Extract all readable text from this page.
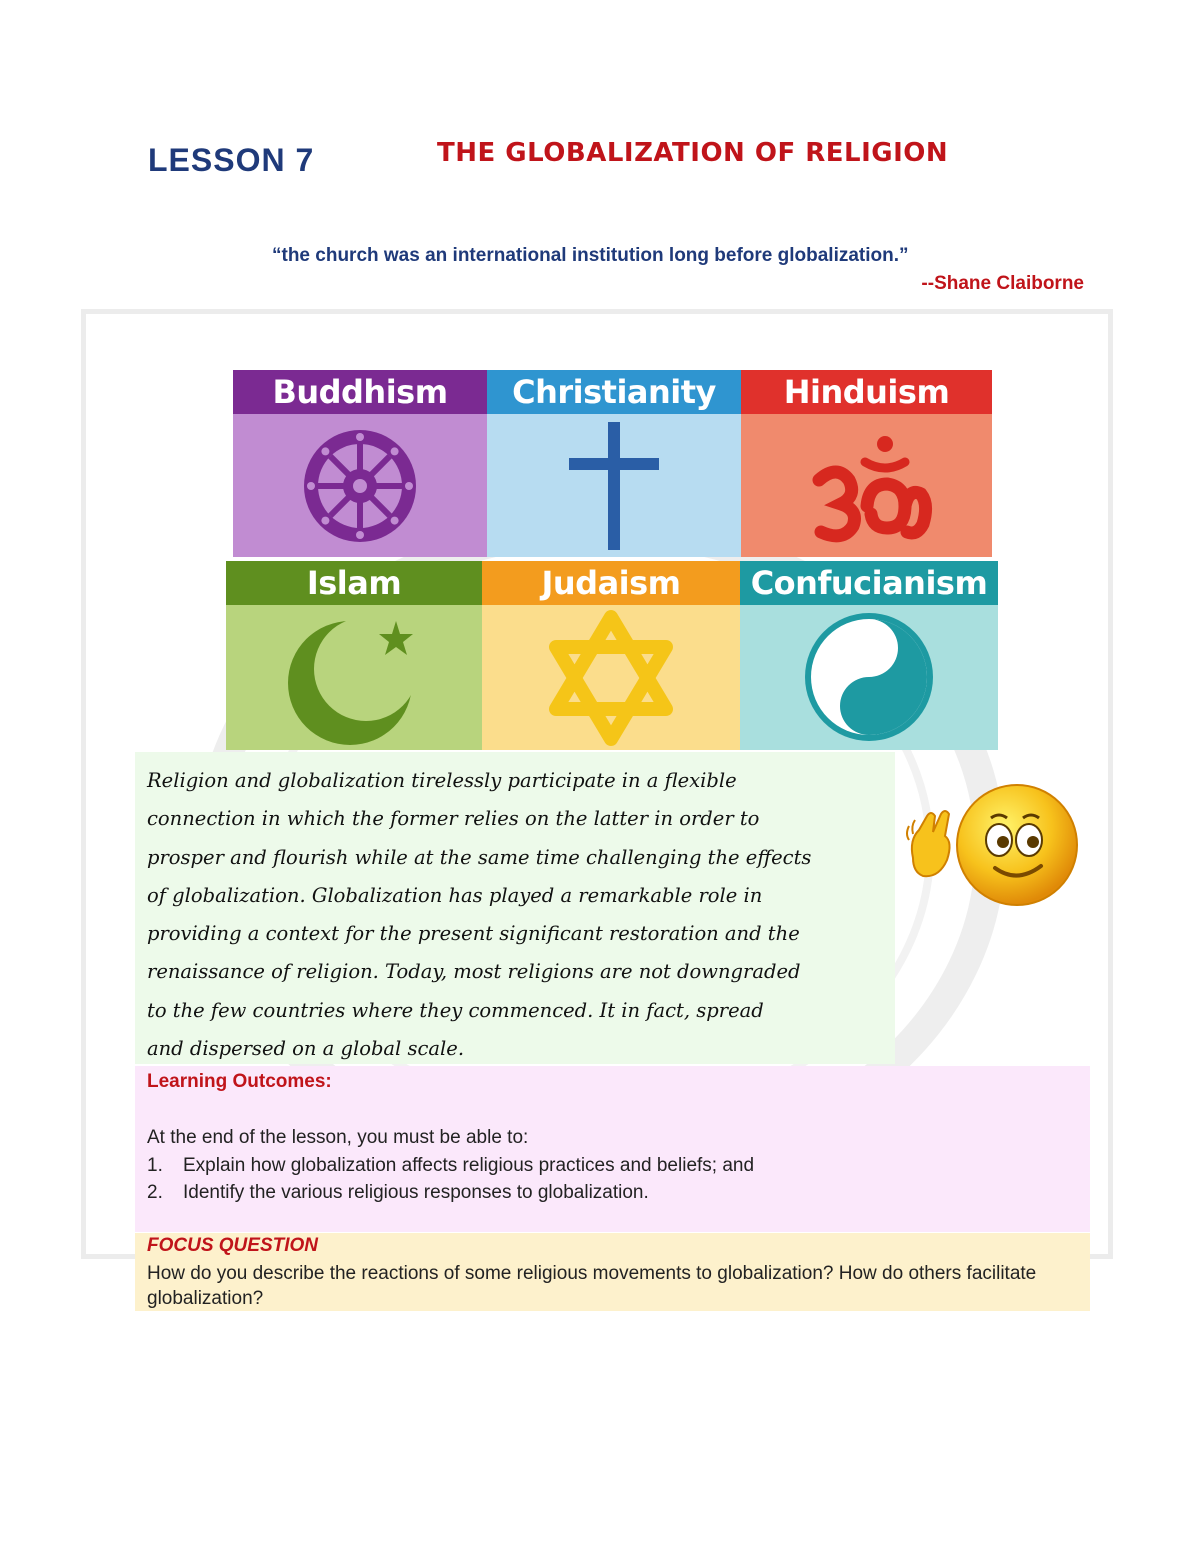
LESSON 7	THE GLOBALIZATION OF RELIGION
“the church was an international institution long before globalization.”
--Shane Claiborne
Buddhism	Christianity	Hinduism
Islam	Judaism	Confucianism
Religion and globalization tirelessly participate in a flexible
connection in which the former relies on the latter in order to
prosper and flourish while at the same time challenging the effects
of globalization. Globalization has played a remarkable role in
providing a context for the present significant restoration and the
renaissance of religion. Today, most religions are not downgraded
to the few countries where they commenced. It in fact, spread
and dispersed on a global scale.
Learning Outcomes:
At the end of the lesson, you must be able to:
1. Explain how globalization affects religious practices and beliefs; and
2. Identify the various religious responses to globalization.
FOCUS QUESTION
How do you describe the reactions of some religious movements to globalization? How do others facilitate globalization?
